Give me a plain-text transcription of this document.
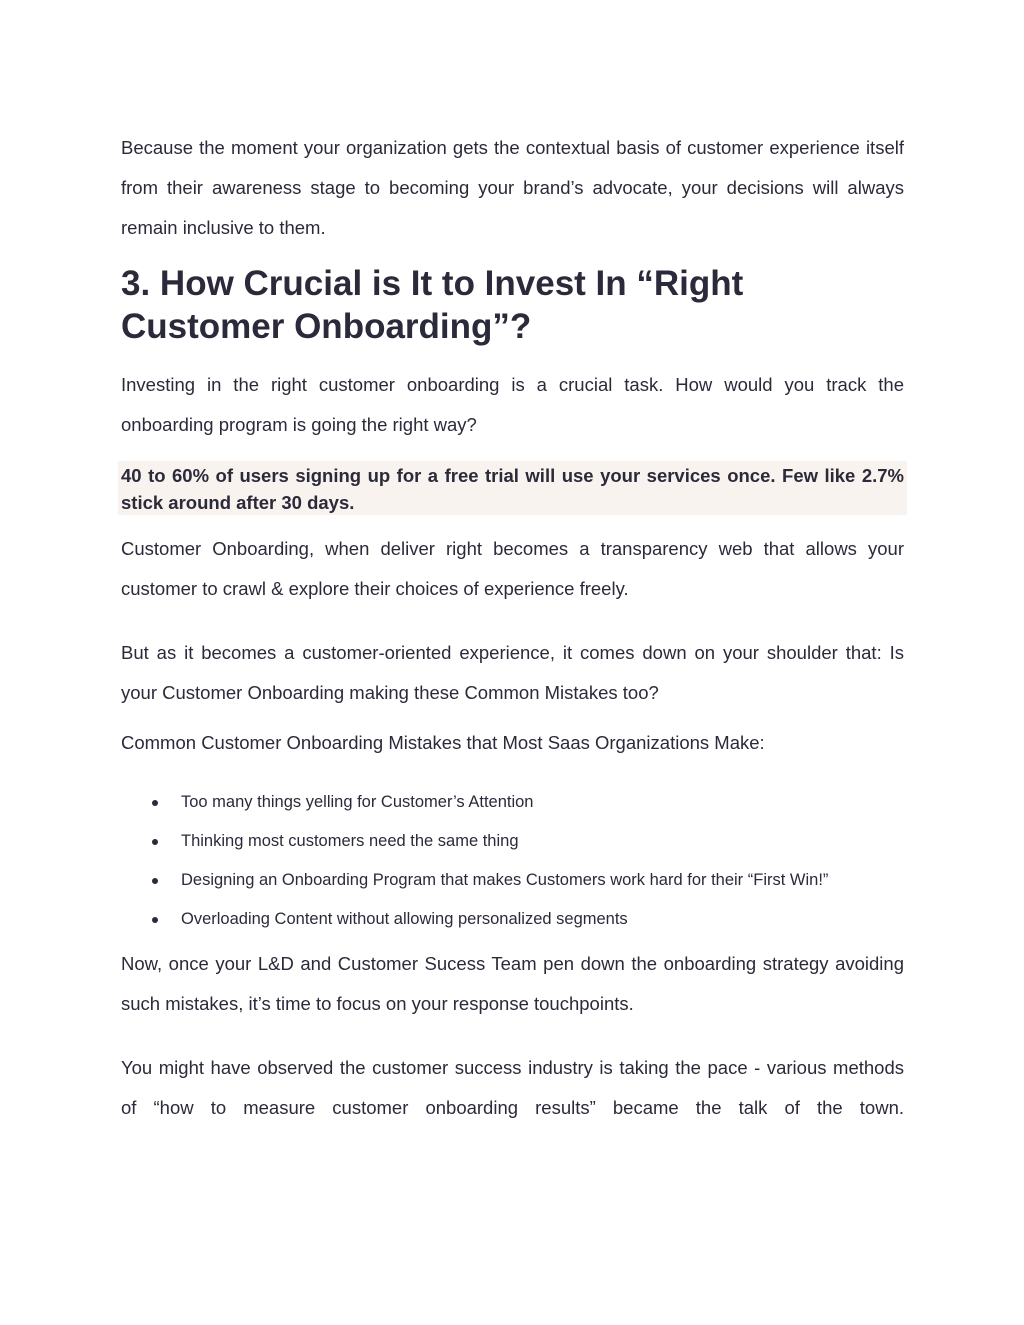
Because the moment your organization gets the contextual basis of customer experience itself from their awareness stage to becoming your brand’s advocate, your decisions will always remain inclusive to them.

3. How Crucial is It to Invest In “Right Customer Onboarding”?

Investing in the right customer onboarding is a crucial task. How would you track the onboarding program is going the right way?

40 to 60% of users signing up for a free trial will use your services once. Few like 2.7% stick around after 30 days.

Customer Onboarding, when deliver right becomes a transparency web that allows your customer to crawl & explore their choices of experience freely.

But as it becomes a customer-oriented experience, it comes down on your shoulder that: Is your Customer Onboarding making these Common Mistakes too?

Common Customer Onboarding Mistakes that Most Saas Organizations Make:

Too many things yelling for Customer’s Attention
Thinking most customers need the same thing
Designing an Onboarding Program that makes Customers work hard for their “First Win!”
Overloading Content without allowing personalized segments

Now, once your L&D and Customer Sucess Team pen down the onboarding strategy avoiding such mistakes, it’s time to focus on your response touchpoints.

You might have observed the customer success industry is taking the pace - various methods of “how to measure customer onboarding results” became the talk of the town.
